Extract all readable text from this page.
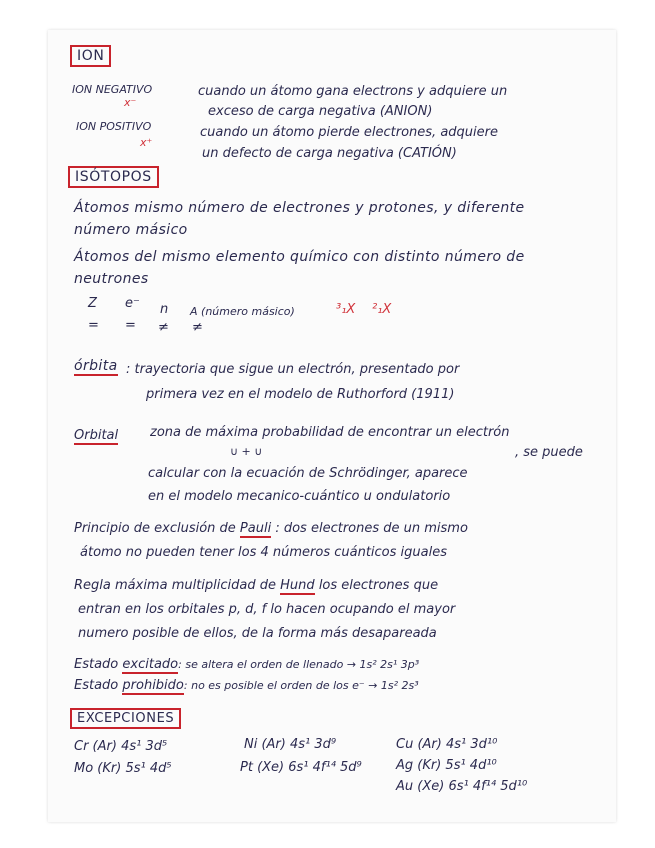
ION
ION NEGATIVO
x⁻
cuando un átomo gana electrons y adquiere un
exceso de carga negativa (ANION)
ION POSITIVO
x⁺
cuando un átomo pierde electrones, adquiere
un defecto de carga negativa (CATIÓN)
ISÓTOPOS
Átomos mismo número de electrones y protones, y diferente
número másico
Átomos del mismo elemento químico con distinto número de
neutrones
Z e⁻ n A (número másico)
= = ≠ ≠
³₁X ²₁X
órbita : trayectoria que sigue un electrón, presentado por
primera vez en el modelo de Ruthorford (1911)
Orbital zona de máxima probabilidad de encontrar un electrón
∪ + ∪	, se puede
calcular con la ecuación de Schrödinger, aparece
en el modelo mecanico-cuántico u ondulatorio
Principio de exclusión de Pauli : dos electrones de un mismo
átomo no pueden tener los 4 números cuánticos iguales
Regla máxima multiplicidad de Hund los electrones que
entran en los orbitales p, d, f lo hacen ocupando el mayor
numero posible de ellos, de la forma más desapareada
Estado excitado: se altera el orden de llenado → 1s² 2s¹ 3p³
Estado prohibido: no es posible el orden de los e⁻ → 1s² 2s³
EXCEPCIONES
Cr (Ar) 4s¹ 3d⁵
Mo (Kr) 5s¹ 4d⁵
Ni (Ar) 4s¹ 3d⁹
Pt (Xe) 6s¹ 4f¹⁴ 5d⁹
Cu (Ar) 4s¹ 3d¹⁰
Ag (Kr) 5s¹ 4d¹⁰
Au (Xe) 6s¹ 4f¹⁴ 5d¹⁰
